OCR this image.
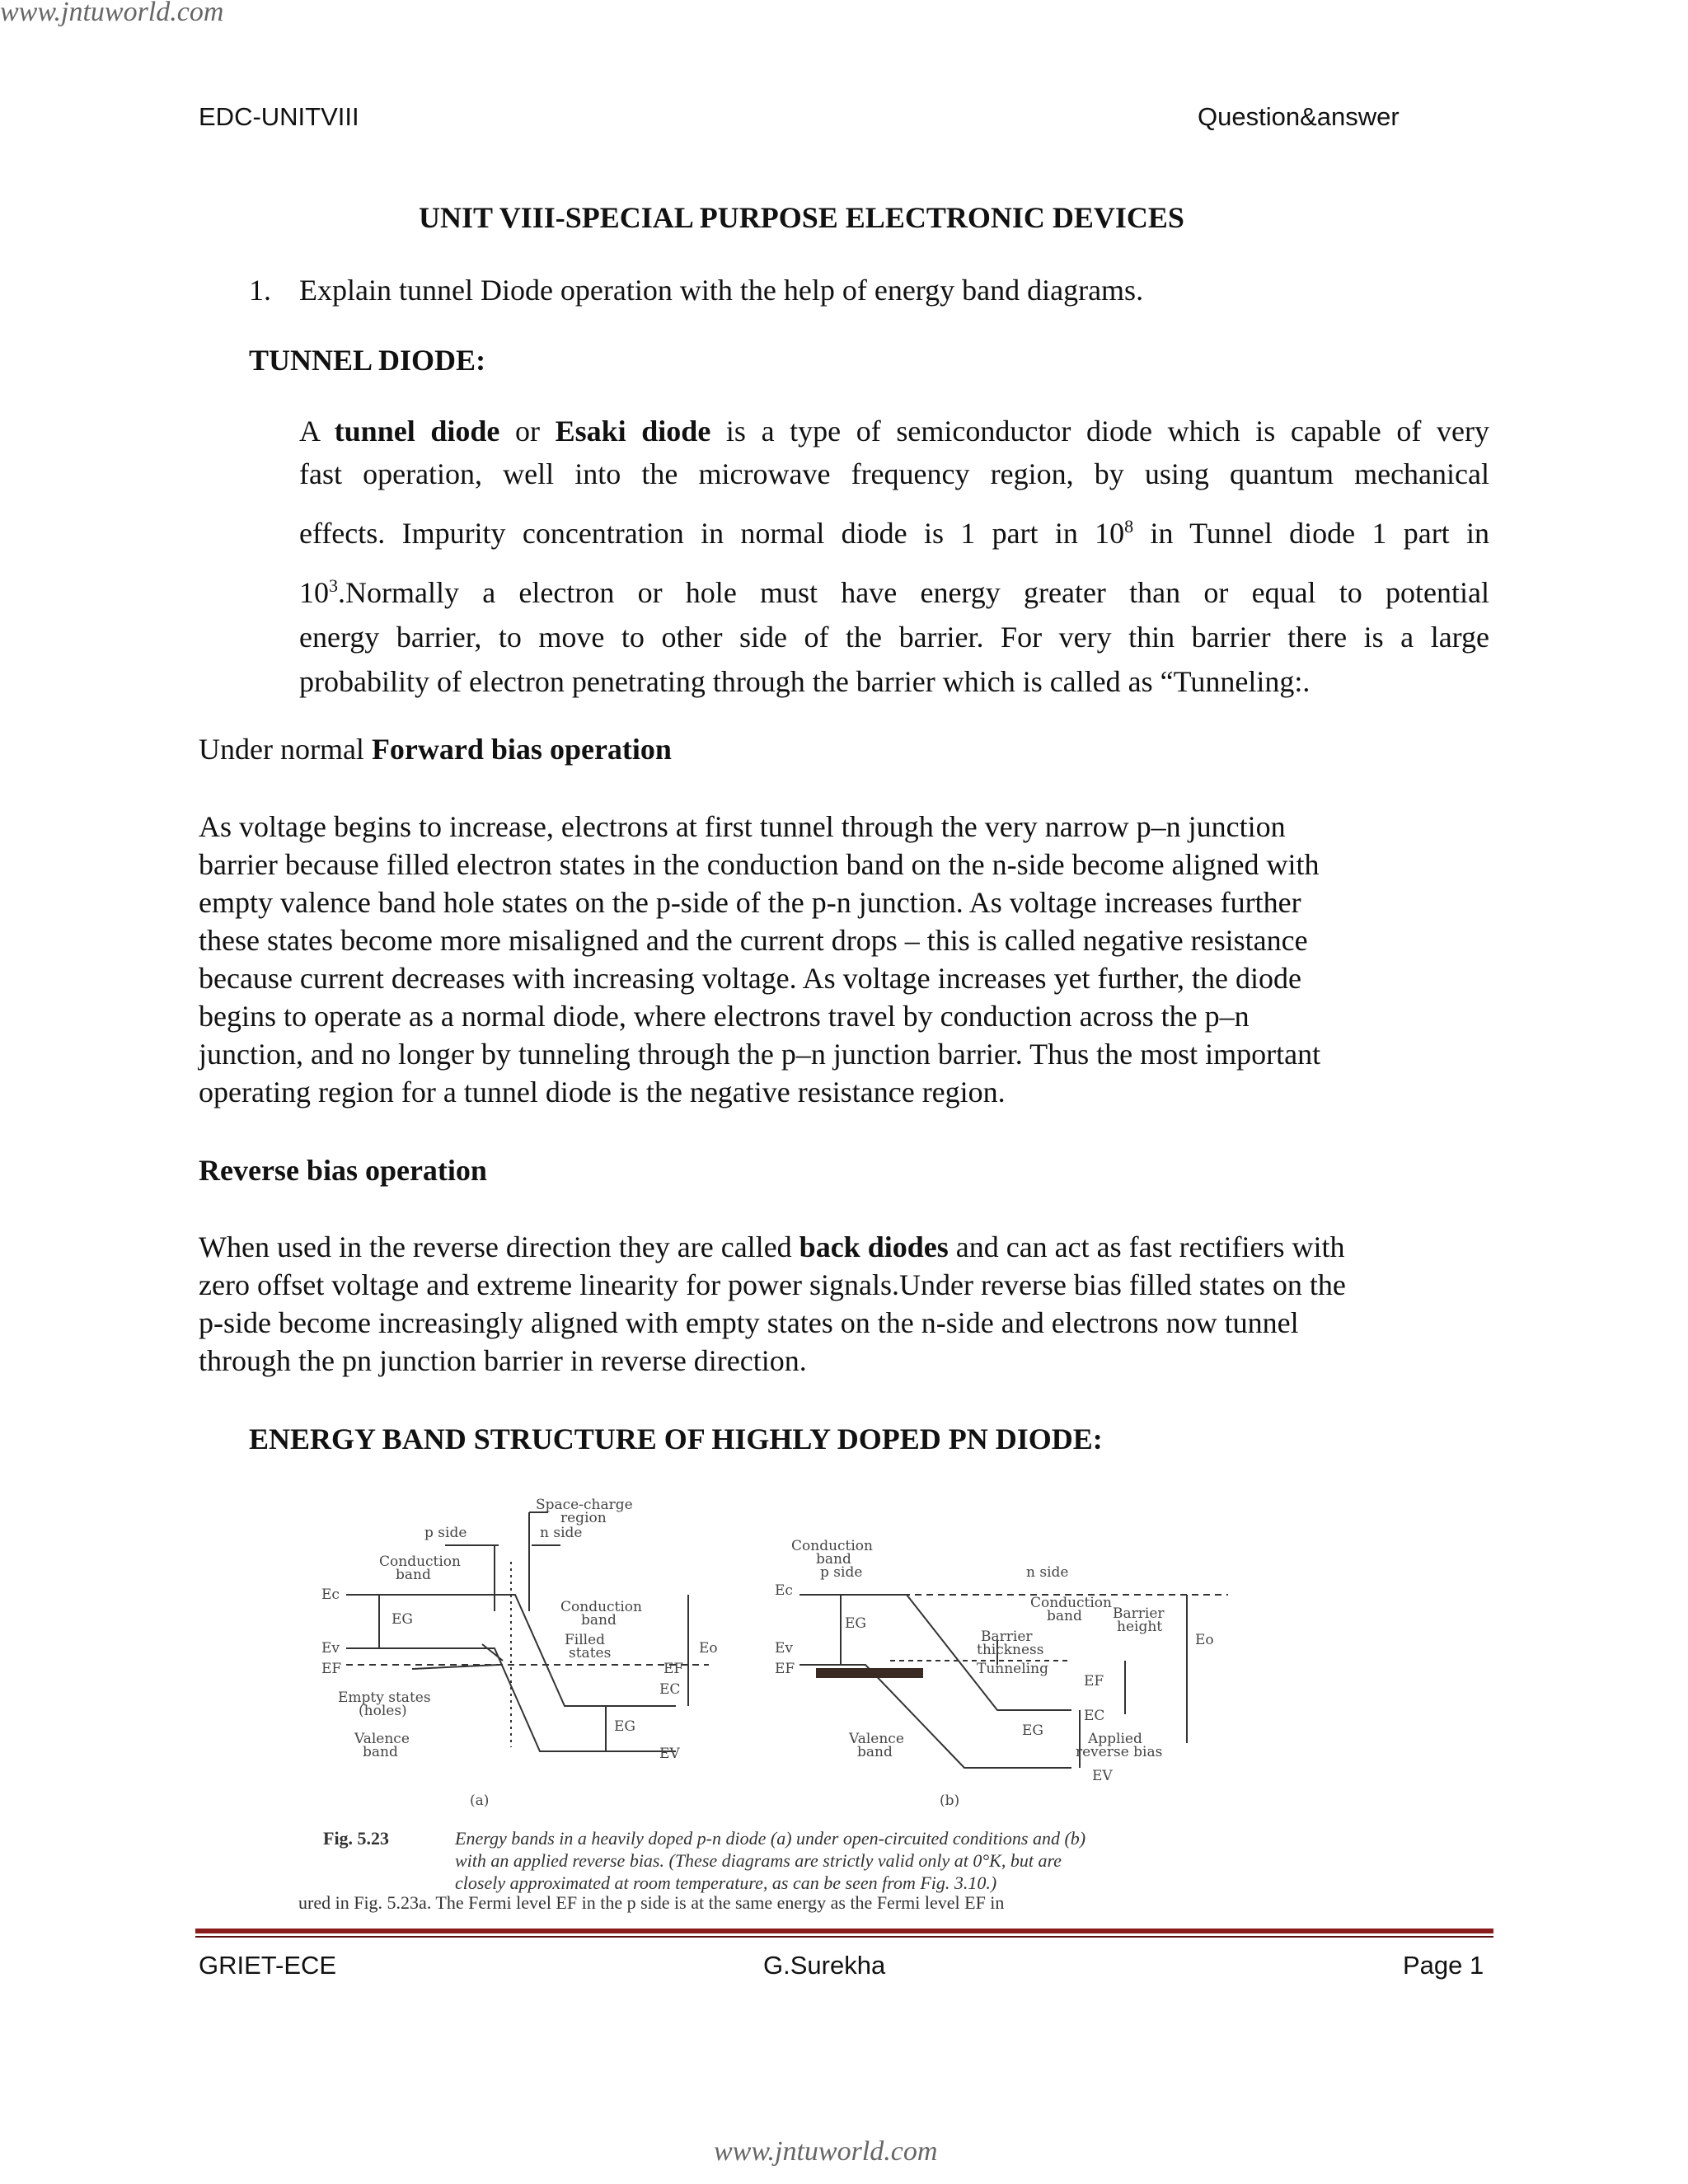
www.jntuworld.com
www.jntuworld.com
EDC-UNITVIII	Question&answer
UNIT VIII-SPECIAL PURPOSE ELECTRONIC DEVICES
1. Explain tunnel Diode operation with the help of energy band diagrams.
TUNNEL DIODE:
A tunnel diode or Esaki diode is a type of semiconductor diode which is capable of very
fast operation, well into the microwave frequency region, by using quantum mechanical
effects. Impurity concentration in normal diode is 1 part in $10^8$ in Tunnel diode 1 part in
$10^3.Normally$ a electron or hole must have energy greater than or equal to potential
energy barrier, to move to other side of the barrier. For very thin barrier there is a large
probability of electron penetrating through the barrier which is called as “Tunneling:.
Under normal Forward bias operation
As voltage begins to increase, electrons at first tunnel through the very narrow p–n junction
barrier because filled electron states in the conduction band on the n-side become aligned with
empty valence band hole states on the p-side of the p-n junction. As voltage increases further
these states become more misaligned and the current drops – this is called negative resistance
because current decreases with increasing voltage. As voltage increases yet further, the diode
begins to operate as a normal diode, where electrons travel by conduction across the p–n
junction, and no longer by tunneling through the p–n junction barrier. Thus the most important
operating region for a tunnel diode is the negative resistance region.
Reverse bias operation
When used in the reverse direction they are called back diodes and can act as fast rectifiers with
zero offset voltage and extreme linearity for power signals.Under reverse bias filled states on the
p-side become increasingly aligned with empty states on the n-side and electrons now tunnel
through the pn junction barrier in reverse direction.
ENERGY BAND STRUCTURE OF HIGHLY DOPED PN DIODE:
Space-charge
region
p side	n side
Conduction
band
Conduction
band
Ec
EG
Ev
EF
Filled
states
Empty states
(holes)
Valence
band
Eo
EF
EC
EG
EV
(a)
Conduction
band
p side	n side
Conduction
band
Barrier
thickness
Tunneling
Barrier
height
Ec
EG
Ev
EF
Valence
band
EC
Applied
reverse bias
EF
EG
EV
Eo
(b)
Fig. 5.23	Energy bands in a heavily doped p-n diode (a) under open-circuited conditions and (b)
with an applied reverse bias. (These diagrams are strictly valid only at 0°K, but are
closely approximated at room temperature, as can be seen from Fig. 3.10.)
ured in Fig. 5.23a. The Fermi level EF in the p side is at the same energy as the Fermi level EF in
GRIET-ECE	G.Surekha	Page 1
